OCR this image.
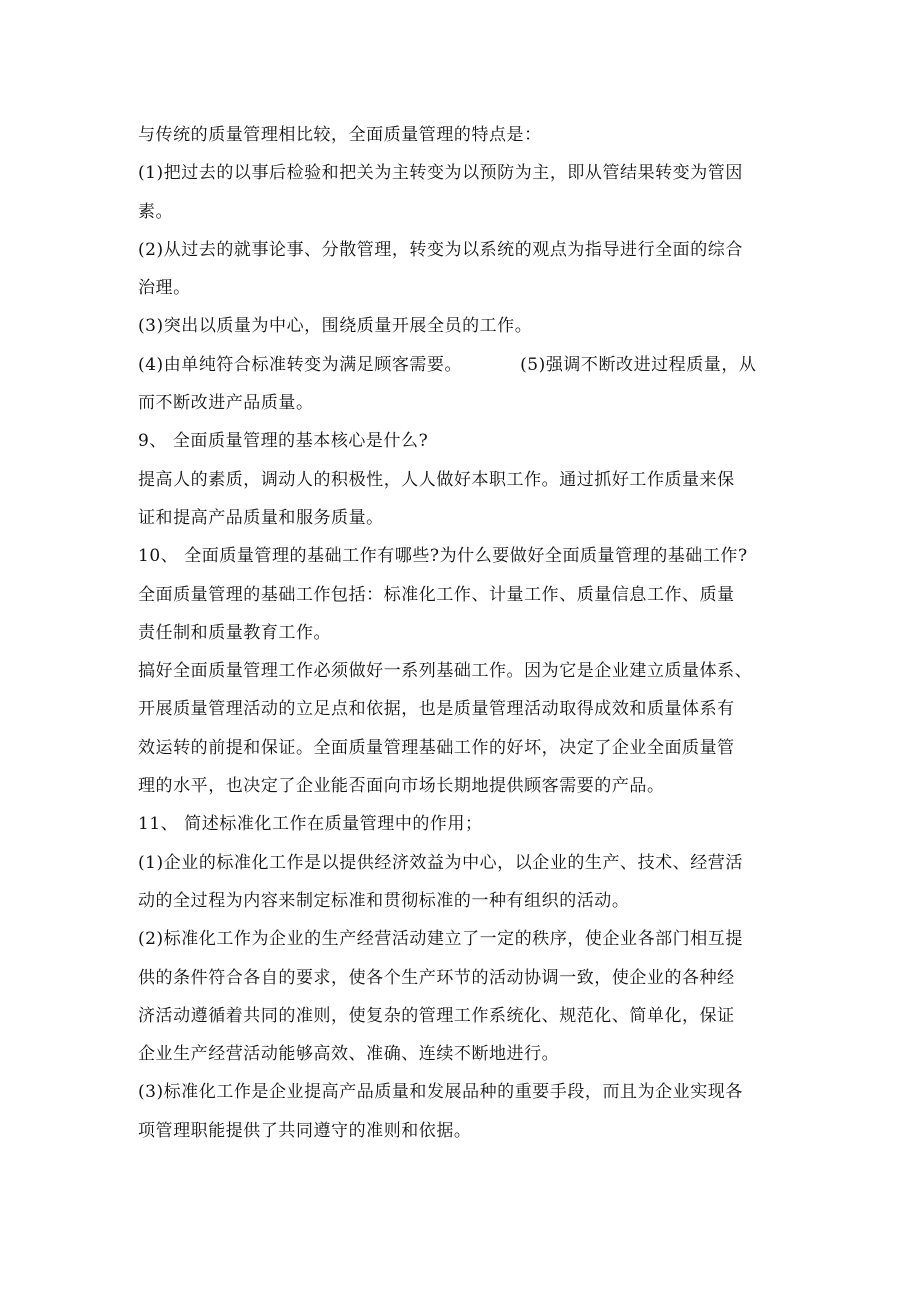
与传统的质量管理相比较，全面质量管理的特点是：
(1)把过去的以事后检验和把关为主转变为以预防为主，即从管结果转变为管因
素。
(2)从过去的就事论事、分散管理，转变为以系统的观点为指导进行全面的综合
治理。
(3)突出以质量为中心，围绕质量开展全员的工作。
(4)由单纯符合标准转变为满足顾客需要。	(5)强调不断改进过程质量，从
而不断改进产品质量。
9、 全面质量管理的基本核心是什么?
提高人的素质，调动人的积极性，人人做好本职工作。通过抓好工作质量来保
证和提高产品质量和服务质量。
10、 全面质量管理的基础工作有哪些?为什么要做好全面质量管理的基础工作?
全面质量管理的基础工作包括：标准化工作、计量工作、质量信息工作、质量
责任制和质量教育工作。
搞好全面质量管理工作必须做好一系列基础工作。因为它是企业建立质量体系、
开展质量管理活动的立足点和依据，也是质量管理活动取得成效和质量体系有
效运转的前提和保证。全面质量管理基础工作的好坏，决定了企业全面质量管
理的水平，也决定了企业能否面向市场长期地提供顾客需要的产品。
11、 简述标准化工作在质量管理中的作用；
(1)企业的标准化工作是以提供经济效益为中心，以企业的生产、技术、经营活
动的全过程为内容来制定标准和贯彻标准的一种有组织的活动。
(2)标准化工作为企业的生产经营活动建立了一定的秩序，使企业各部门相互提
供的条件符合各自的要求，使各个生产环节的活动协调一致，使企业的各种经
济活动遵循着共同的准则，使复杂的管理工作系统化、规范化、简单化，保证
企业生产经营活动能够高效、准确、连续不断地进行。
(3)标准化工作是企业提高产品质量和发展品种的重要手段，而且为企业实现各
项管理职能提供了共同遵守的准则和依据。
